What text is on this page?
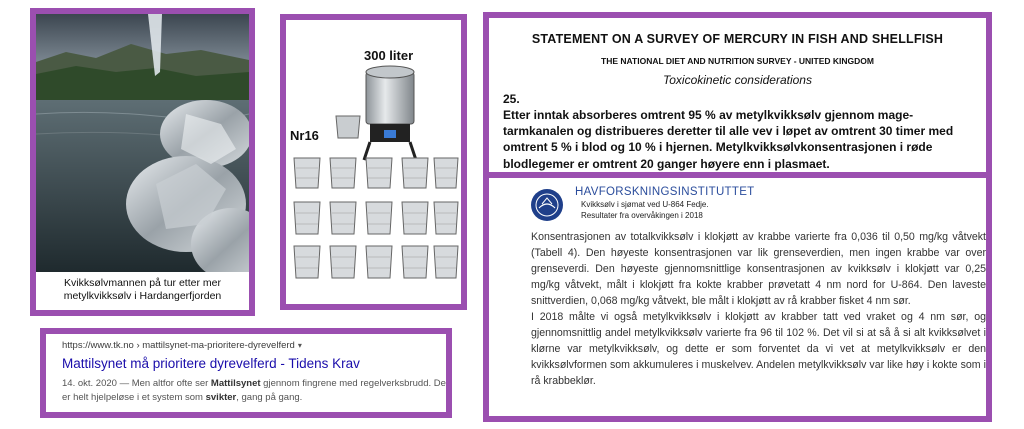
Kvikksølvmannen på tur etter mer
metylkvikksølv i Hardangerfjorden
300 liter
Nr16
STATEMENT ON A SURVEY OF MERCURY IN FISH AND SHELLFISH
THE NATIONAL DIET AND NUTRITION SURVEY - UNITED KINGDOM
Toxicokinetic considerations
25.
Etter inntak absorberes omtrent 95 % av metylkvikksølv gjennom mage-tarmkanalen og distribueres deretter til alle vev i løpet av omtrent 30 timer med omtrent 5 % i blod og 10 % i hjernen. Metylkvikksølvkonsentrasjonen i røde blodlegemer er omtrent 20 ganger høyere enn i plasmaet.
HAVFORSKNINGSINSTITUTTET
Kvikksølv i sjømat ved U-864 Fedje.
Resultater fra overvåkingen i 2018

Konsentrasjonen av totalkvikksølv i klokjøtt av krabbe varierte fra 0,036 til 0,50 mg/kg våtvekt (Tabell 4). Den høyeste konsentrasjonen var lik grenseverdien, men ingen krabbe var over grenseverdi. Den høyeste gjennomsnittlige konsentrasjonen av kvikksølv i klokjøtt var 0,25 mg/kg våtvekt, målt i klokjøtt fra kokte krabber prøvetatt 4 nm nord for U-864. Den laveste snittverdien, 0,068 mg/kg våtvekt, ble målt i klokjøtt av rå krabber fisket 4 nm sør.

I 2018 målte vi også metylkvikksølv i klokjøtt av krabber tatt ved vraket og 4 nm sør, og gjennomsnittlig andel metylkvikksølv varierte fra 96 til 102 %. Det vil si at så å si alt kvikksølvet i klørne var metylkvikksølv, og dette er som forventet da vi vet at metylkvikksølv er den kvikksølvformen som akkumuleres i muskelvev. Andelen metylkvikksølv var like høy i kokte som i rå krabbeklør.

https://www.tk.no › mattilsynet-ma-prioritere-dyrevelferd ▾
Mattilsynet må prioritere dyrevelferd - Tidens Krav
14. okt. 2020 — Men altfor ofte ser Mattilsynet gjennom fingrene med regelverksbrudd. De er helt hjelpeløse i et system som svikter, gang på gang.
